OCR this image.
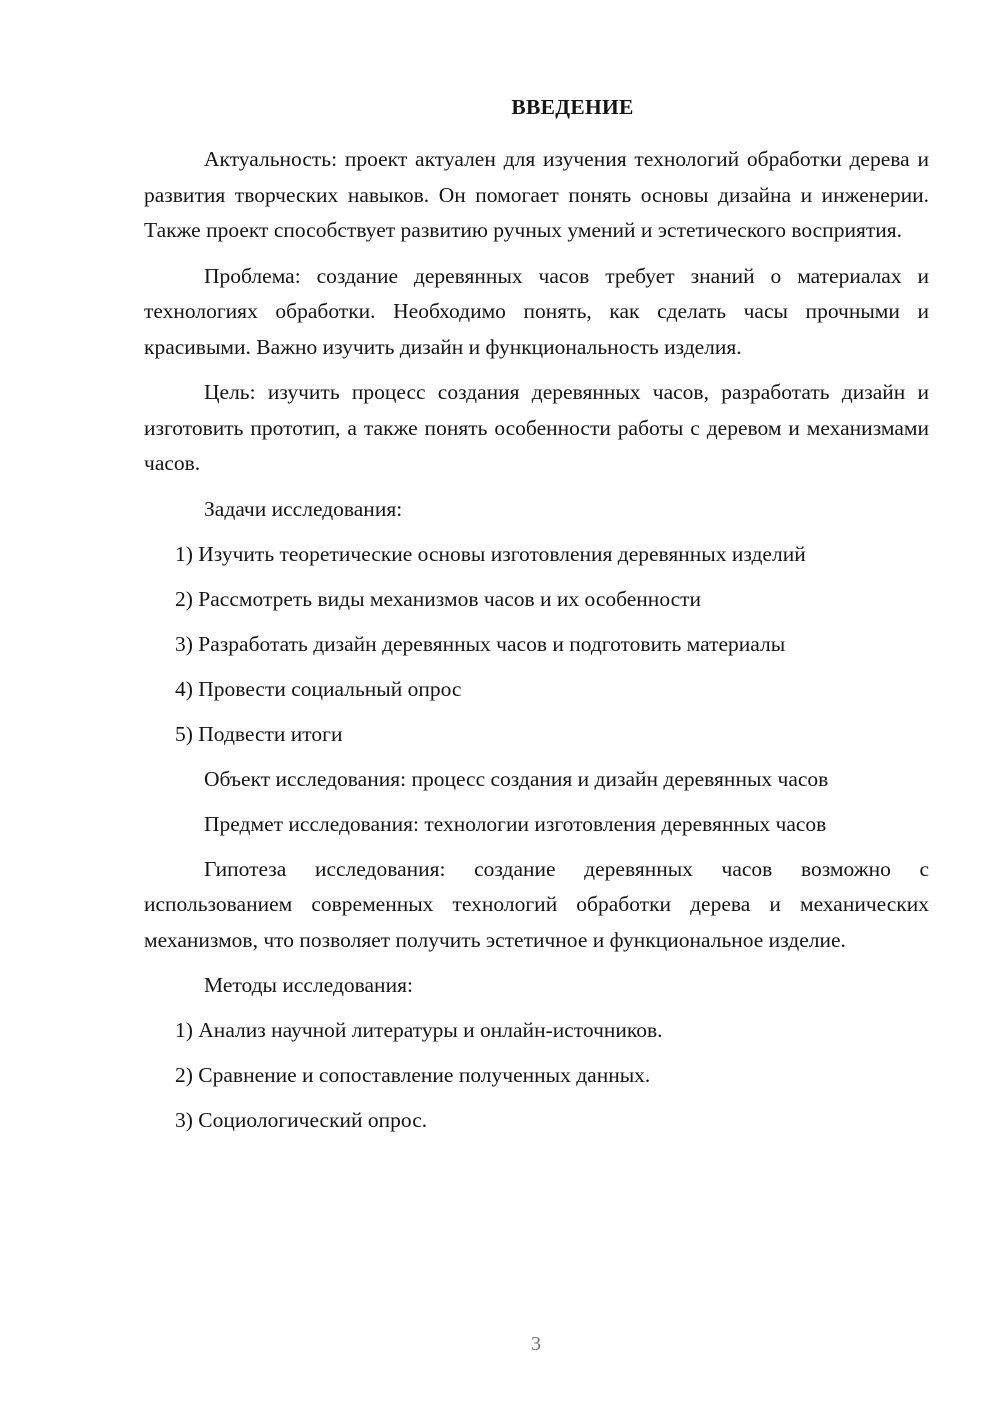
ВВЕДЕНИЕ

Актуальность: проект актуален для изучения технологий обработки дерева и развития творческих навыков. Он помогает понять основы дизайна и инженерии. Также проект способствует развитию ручных умений и эстетического восприятия.

Проблема: создание деревянных часов требует знаний о материалах и технологиях обработки. Необходимо понять, как сделать часы прочными и красивыми. Важно изучить дизайн и функциональность изделия.

Цель: изучить процесс создания деревянных часов, разработать дизайн и изготовить прототип, а также понять особенности работы с деревом и механизмами часов.

Задачи исследования:

1) Изучить теоретические основы изготовления деревянных изделий

2) Рассмотреть виды механизмов часов и их особенности

3) Разработать дизайн деревянных часов и подготовить материалы

4) Провести социальный опрос

5) Подвести итоги

Объект исследования: процесс создания и дизайн деревянных часов

Предмет исследования: технологии изготовления деревянных часов

Гипотеза исследования: создание деревянных часов возможно с использованием современных технологий обработки дерева и механических механизмов, что позволяет получить эстетичное и функциональное изделие.

Методы исследования:

1) Анализ научной литературы и онлайн-источников.

2) Сравнение и сопоставление полученных данных.

3) Социологический опрос.

3
